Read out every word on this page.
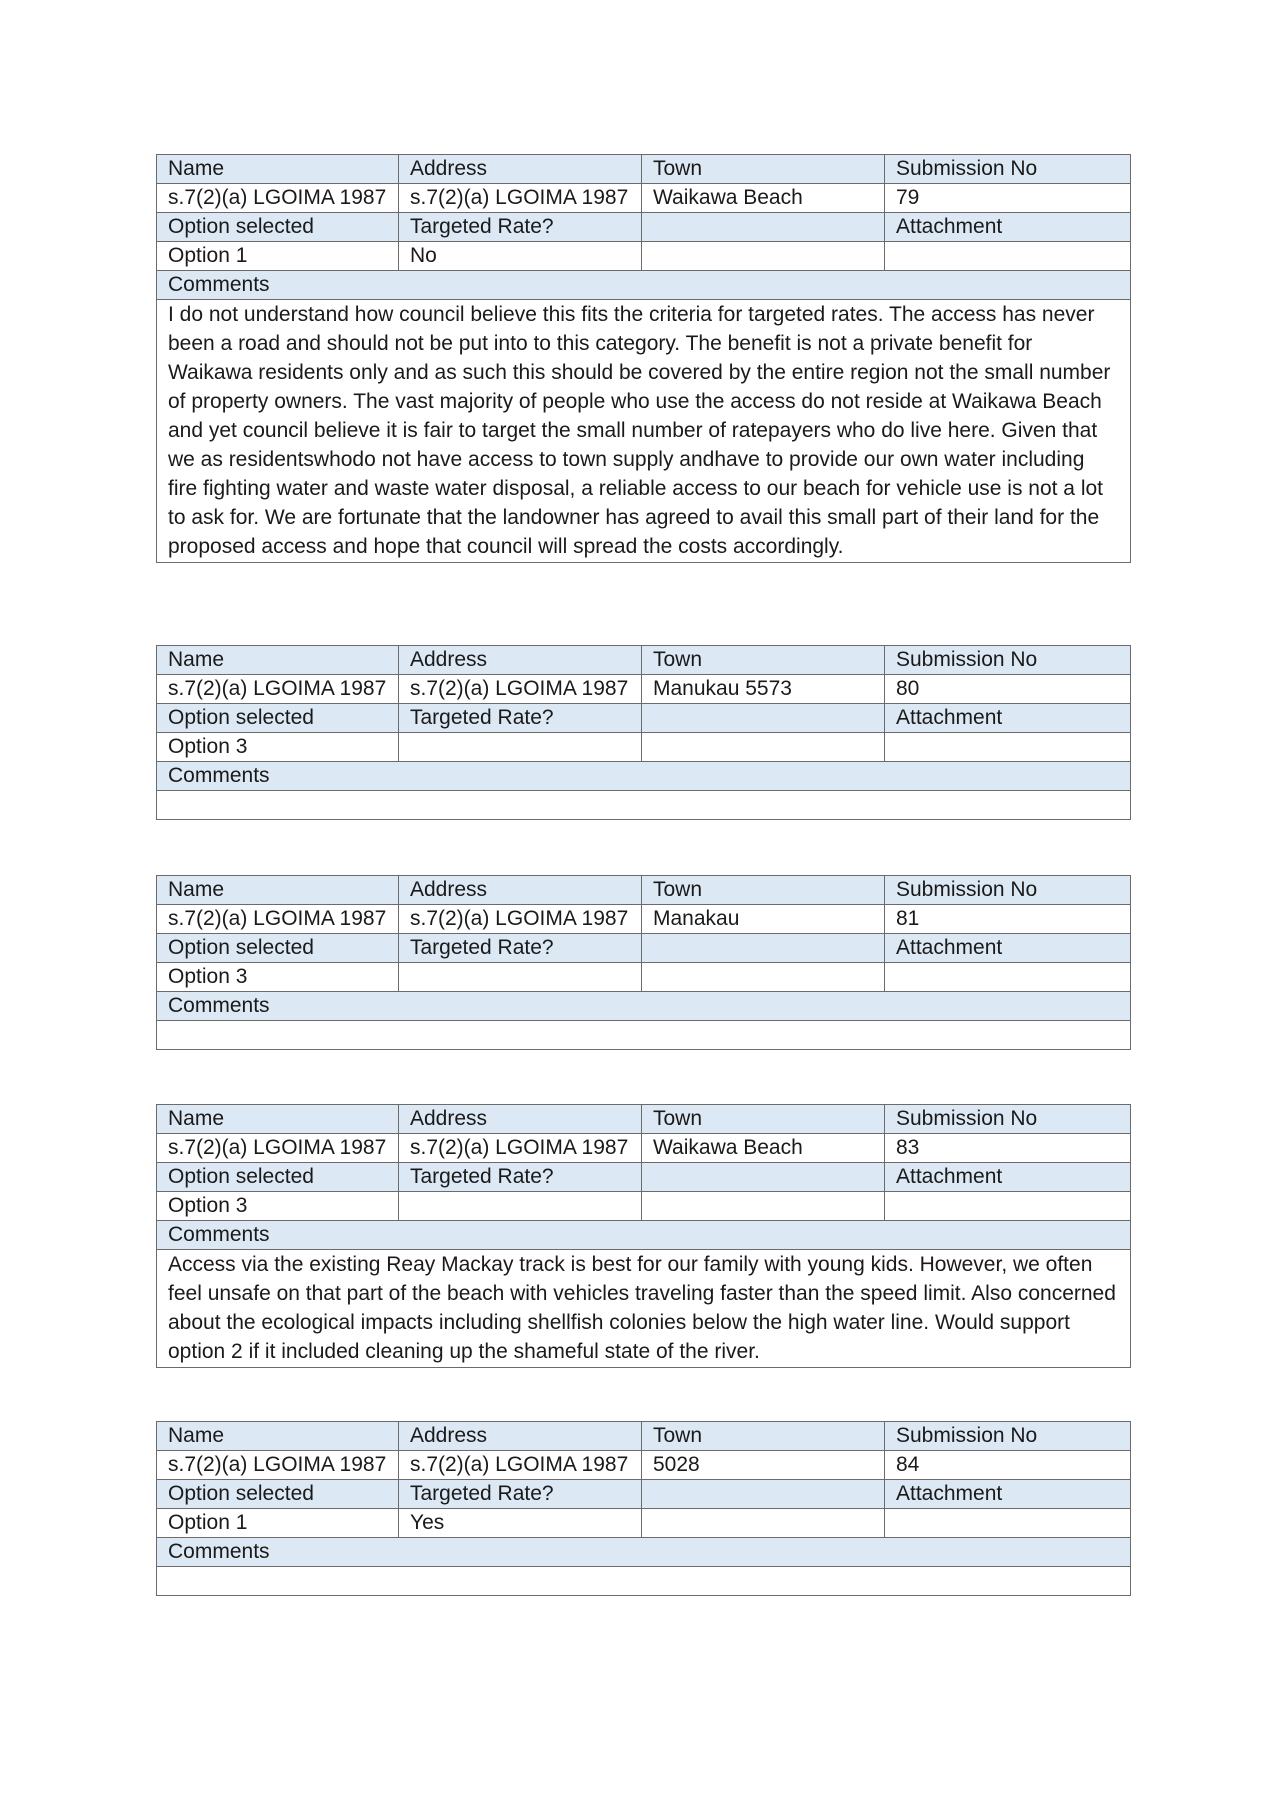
Name	Address	Town	Submission No
s.7(2)(a) LGOIMA 1987	s.7(2)(a) LGOIMA 1987	Waikawa Beach	79
Option selected	Targeted Rate?		Attachment
Option 1	No		
Comments			
I do not understand how council believe this fits the criteria for targeted rates. The access has never been a road and should not be put into to this category. The benefit is not a private benefit for Waikawa residents only and as such this should be covered by the entire region not the small number of property owners. The vast majority of people who use the access do not reside at Waikawa Beach and yet council believe it is fair to target the small number of ratepayers who do live here. Given that we as residentswhodo not have access to town supply andhave to provide our own water including fire fighting water and waste water disposal, a reliable access to our beach for vehicle use is not a lot to ask for. We are fortunate that the landowner has agreed to avail this small part of their land for the proposed access and hope that council will spread the costs accordingly.			
Name	Address	Town	Submission No
s.7(2)(a) LGOIMA 1987	s.7(2)(a) LGOIMA 1987	Manukau 5573	80
Option selected	Targeted Rate?		Attachment
Option 3			
Comments			

Name	Address	Town	Submission No
s.7(2)(a) LGOIMA 1987	s.7(2)(a) LGOIMA 1987	Manakau	81
Option selected	Targeted Rate?		Attachment
Option 3			
Comments			

Name	Address	Town	Submission No
s.7(2)(a) LGOIMA 1987	s.7(2)(a) LGOIMA 1987	Waikawa Beach	83
Option selected	Targeted Rate?		Attachment
Option 3			
Comments			
Access via the existing Reay Mackay track is best for our family with young kids. However, we often feel unsafe on that part of the beach with vehicles traveling faster than the speed limit. Also concerned about the ecological impacts including shellfish colonies below the high water line. Would support option 2 if it included cleaning up the shameful state of the river.			
Name	Address	Town	Submission No
s.7(2)(a) LGOIMA 1987	s.7(2)(a) LGOIMA 1987	5028	84
Option selected	Targeted Rate?		Attachment
Option 1	Yes		
Comments			
